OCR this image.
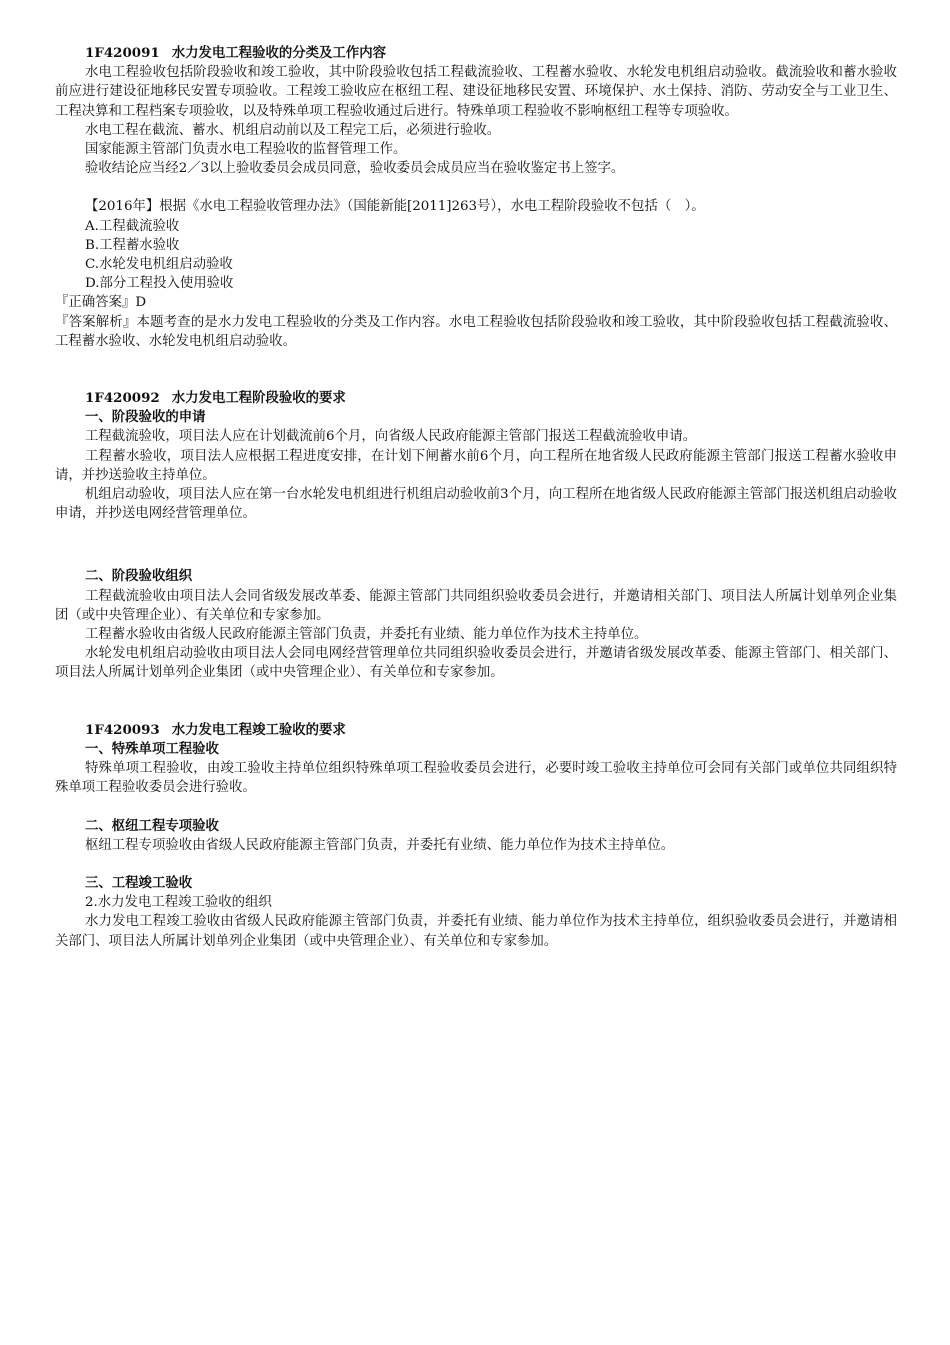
1F420091 水力发电工程验收的分类及工作内容

水电工程验收包括阶段验收和竣工验收，其中阶段验收包括工程截流验收、工程蓄水验收、水轮发电机组启动验收。截流验收和蓄水验收前应进行建设征地移民安置专项验收。工程竣工验收应在枢纽工程、建设征地移民安置、环境保护、水土保持、消防、劳动安全与工业卫生、工程决算和工程档案专项验收，以及特殊单项工程验收通过后进行。特殊单项工程验收不影响枢纽工程等专项验收。

水电工程在截流、蓄水、机组启动前以及工程完工后，必须进行验收。

国家能源主管部门负责水电工程验收的监督管理工作。

验收结论应当经2／3以上验收委员会成员同意，验收委员会成员应当在验收鉴定书上签字。

【2016年】根据《水电工程验收管理办法》（国能新能[2011]263号），水电工程阶段验收不包括（　）。

A.工程截流验收

B.工程蓄水验收

C.水轮发电机组启动验收

D.部分工程投入使用验收

『正确答案』D

『答案解析』本题考查的是水力发电工程验收的分类及工作内容。水电工程验收包括阶段验收和竣工验收，其中阶段验收包括工程截流验收、工程蓄水验收、水轮发电机组启动验收。

1F420092 水力发电工程阶段验收的要求

一、阶段验收的申请

工程截流验收，项目法人应在计划截流前6个月，向省级人民政府能源主管部门报送工程截流验收申请。

工程蓄水验收，项目法人应根据工程进度安排，在计划下闸蓄水前6个月，向工程所在地省级人民政府能源主管部门报送工程蓄水验收申请，并抄送验收主持单位。

机组启动验收，项目法人应在第一台水轮发电机组进行机组启动验收前3个月，向工程所在地省级人民政府能源主管部门报送机组启动验收申请，并抄送电网经营管理单位。

二、阶段验收组织

工程截流验收由项目法人会同省级发展改革委、能源主管部门共同组织验收委员会进行，并邀请相关部门、项目法人所属计划单列企业集团（或中央管理企业）、有关单位和专家参加。

工程蓄水验收由省级人民政府能源主管部门负责，并委托有业绩、能力单位作为技术主持单位。

水轮发电机组启动验收由项目法人会同电网经营管理单位共同组织验收委员会进行，并邀请省级发展改革委、能源主管部门、相关部门、项目法人所属计划单列企业集团（或中央管理企业）、有关单位和专家参加。

1F420093 水力发电工程竣工验收的要求

一、特殊单项工程验收

特殊单项工程验收，由竣工验收主持单位组织特殊单项工程验收委员会进行，必要时竣工验收主持单位可会同有关部门或单位共同组织特殊单项工程验收委员会进行验收。

二、枢纽工程专项验收

枢纽工程专项验收由省级人民政府能源主管部门负责，并委托有业绩、能力单位作为技术主持单位。

三、工程竣工验收

2.水力发电工程竣工验收的组织

水力发电工程竣工验收由省级人民政府能源主管部门负责，并委托有业绩、能力单位作为技术主持单位，组织验收委员会进行，并邀请相关部门、项目法人所属计划单列企业集团（或中央管理企业）、有关单位和专家参加。
